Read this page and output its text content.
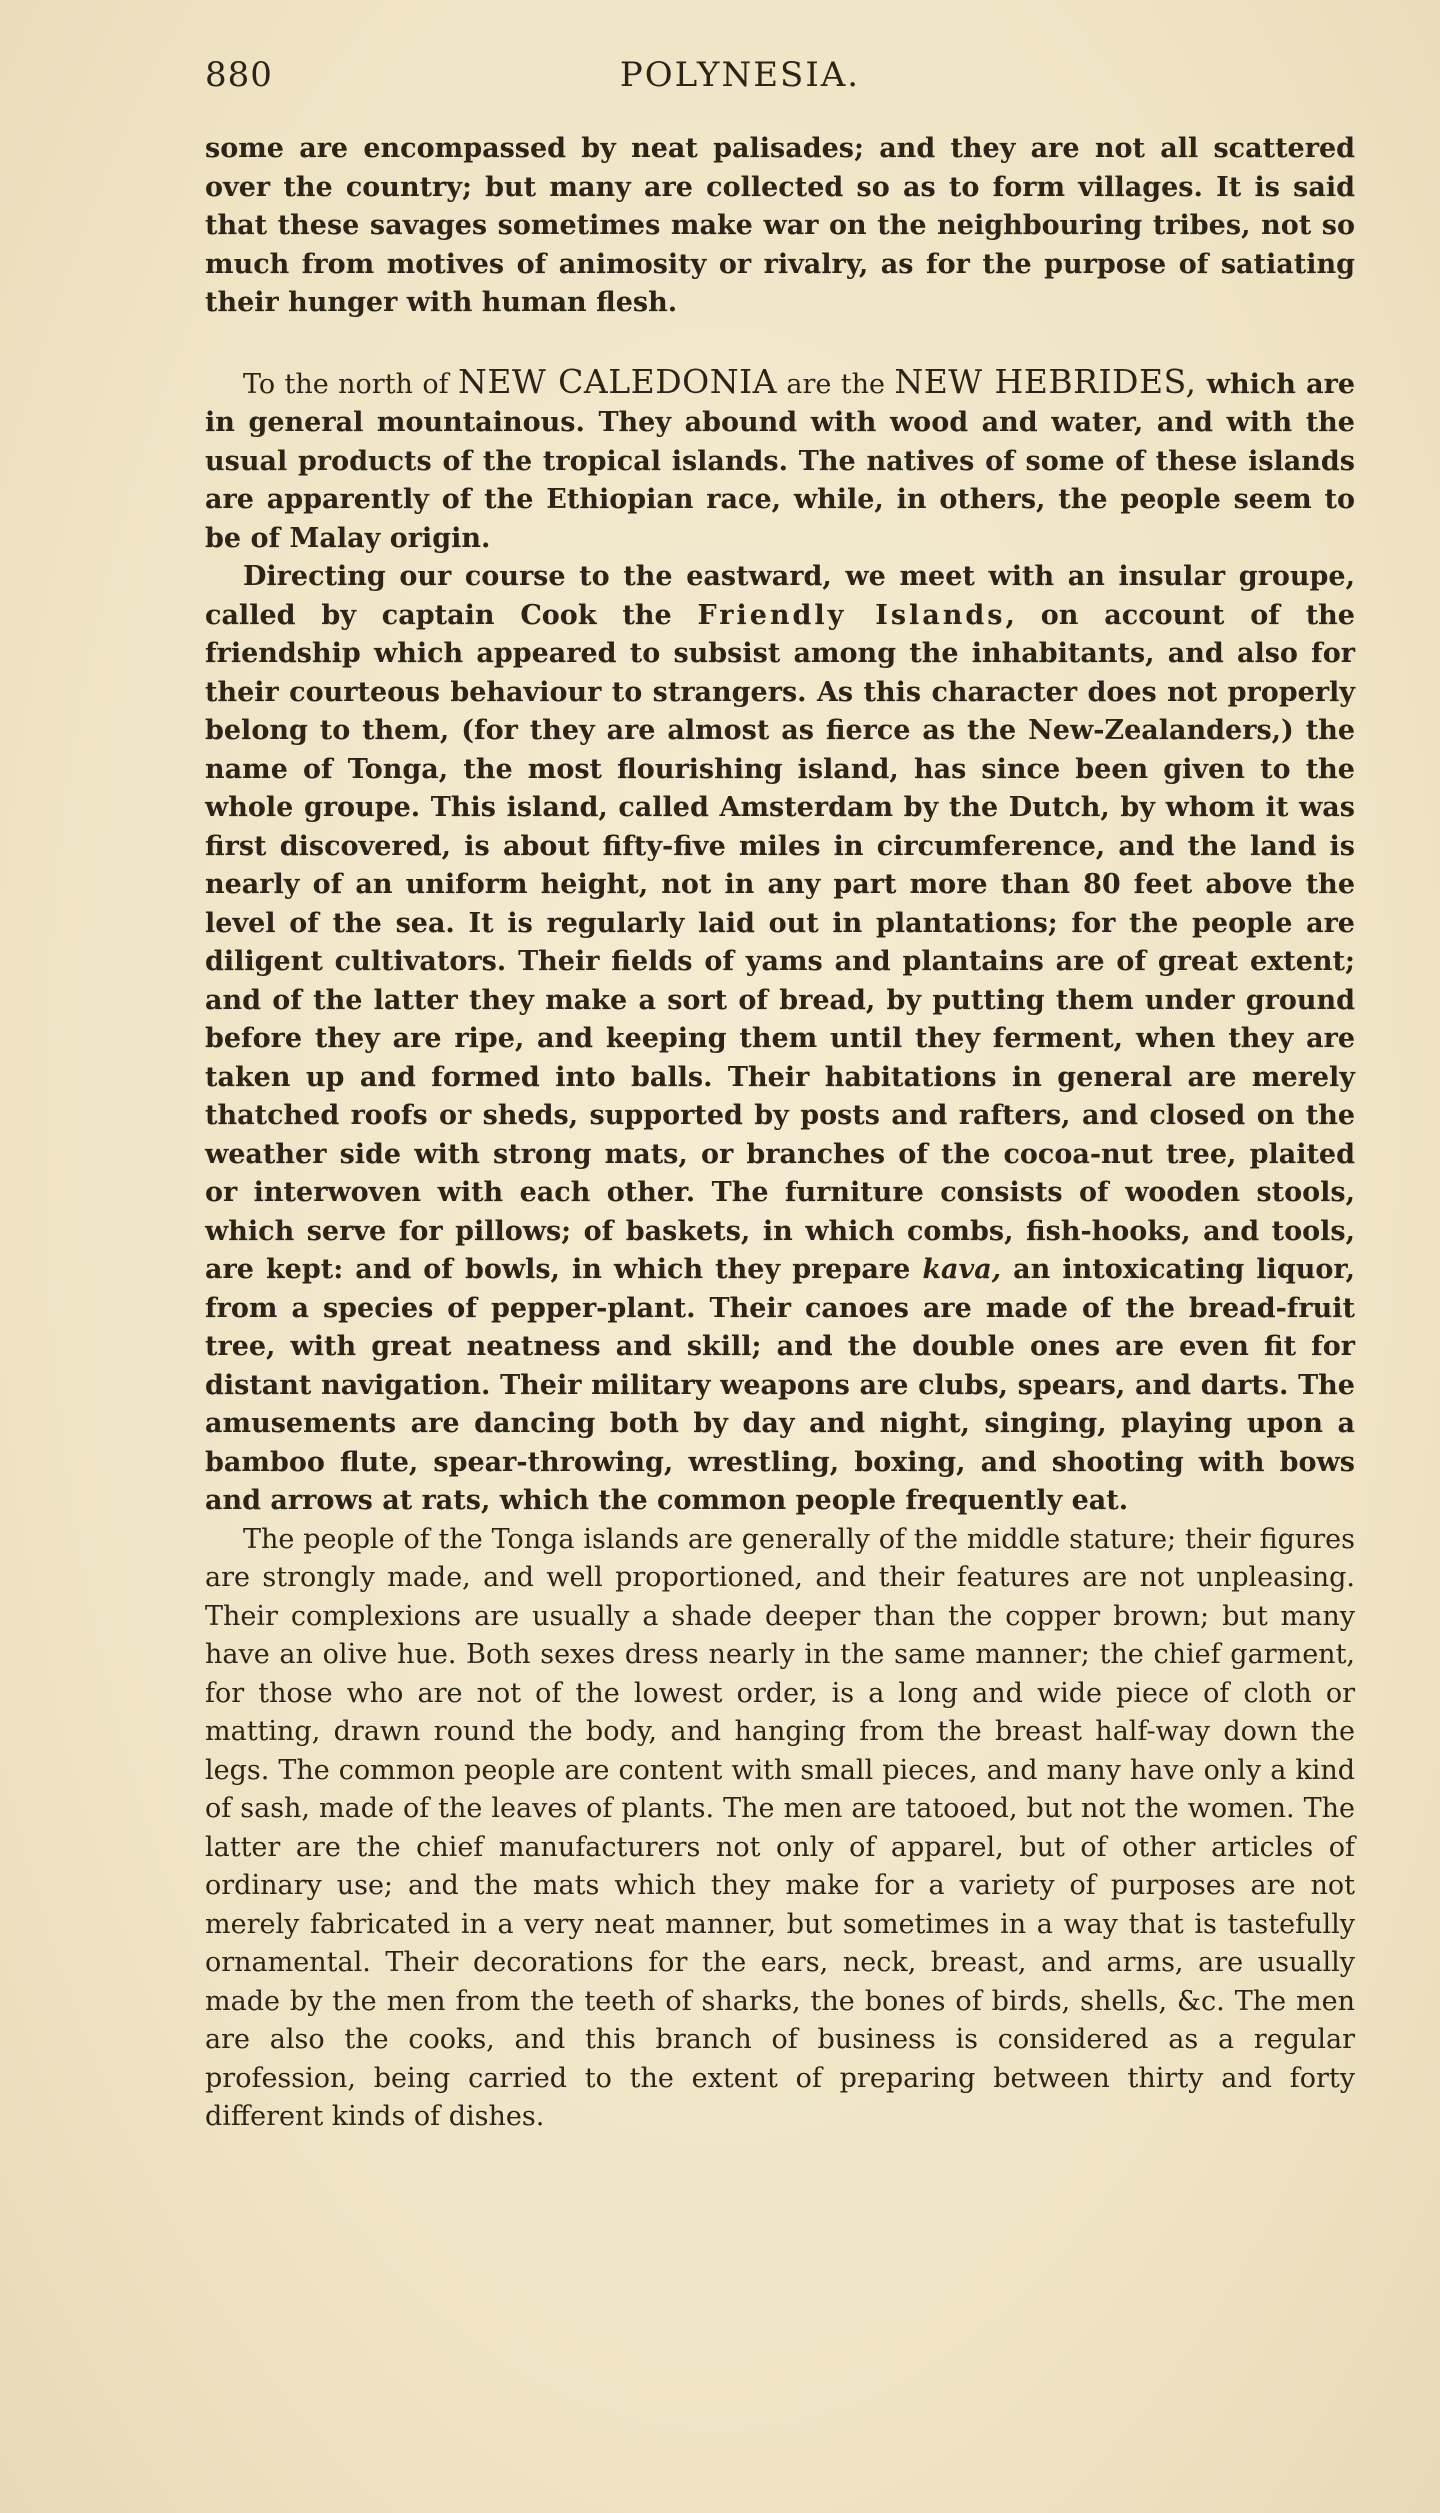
880	POLYNESIA.

some are encompassed by neat palisades; and they are not all scattered over the country; but many are collected so as to form villages. It is said that these savages sometimes make war on the neighbouring tribes, not so much from motives of animosity or rivalry, as for the purpose of satiating their hunger with human flesh.

To the north of NEW CALEDONIA are the NEW HEBRIDES, which are in general mountainous. They abound with wood and water, and with the usual products of the tropical islands. The natives of some of these islands are apparently of the Ethiopian race, while, in others, the people seem to be of Malay origin.

Directing our course to the eastward, we meet with an insular groupe, called by captain Cook the Friendly Islands, on account of the friendship which appeared to subsist among the inhabitants, and also for their courteous behaviour to strangers. As this character does not properly belong to them, (for they are almost as fierce as the New-Zealanders,) the name of Tonga, the most flourishing island, has since been given to the whole groupe. This island, called Amsterdam by the Dutch, by whom it was first discovered, is about fifty-five miles in circumference, and the land is nearly of an uniform height, not in any part more than 80 feet above the level of the sea. It is regularly laid out in plantations; for the people are diligent cultivators. Their fields of yams and plantains are of great extent; and of the latter they make a sort of bread, by putting them under ground before they are ripe, and keeping them until they ferment, when they are taken up and formed into balls. Their habitations in general are merely thatched roofs or sheds, supported by posts and rafters, and closed on the weather side with strong mats, or branches of the cocoa-nut tree, plaited or interwoven with each other. The furniture consists of wooden stools, which serve for pillows; of baskets, in which combs, fish-hooks, and tools, are kept: and of bowls, in which they prepare kava, an intoxicating liquor, from a species of pepper-plant. Their canoes are made of the bread-fruit tree, with great neatness and skill; and the double ones are even fit for distant navigation. Their military weapons are clubs, spears, and darts. The amusements are dancing both by day and night, singing, playing upon a bamboo flute, spear-throwing, wrestling, boxing, and shooting with bows and arrows at rats, which the common people frequently eat.

The people of the Tonga islands are generally of the middle stature; their figures are strongly made, and well proportioned, and their features are not unpleasing. Their complexions are usually a shade deeper than the copper brown; but many have an olive hue. Both sexes dress nearly in the same manner; the chief garment, for those who are not of the lowest order, is a long and wide piece of cloth or matting, drawn round the body, and hanging from the breast half-way down the legs. The common people are content with small pieces, and many have only a kind of sash, made of the leaves of plants. The men are tatooed, but not the women. The latter are the chief manufacturers not only of apparel, but of other articles of ordinary use; and the mats which they make for a variety of purposes are not merely fabricated in a very neat manner, but sometimes in a way that is tastefully ornamental. Their decorations for the ears, neck, breast, and arms, are usually made by the men from the teeth of sharks, the bones of birds, shells, &c. The men are also the cooks, and this branch of business is considered as a regular profession, being carried to the extent of preparing between thirty and forty different kinds of dishes.
